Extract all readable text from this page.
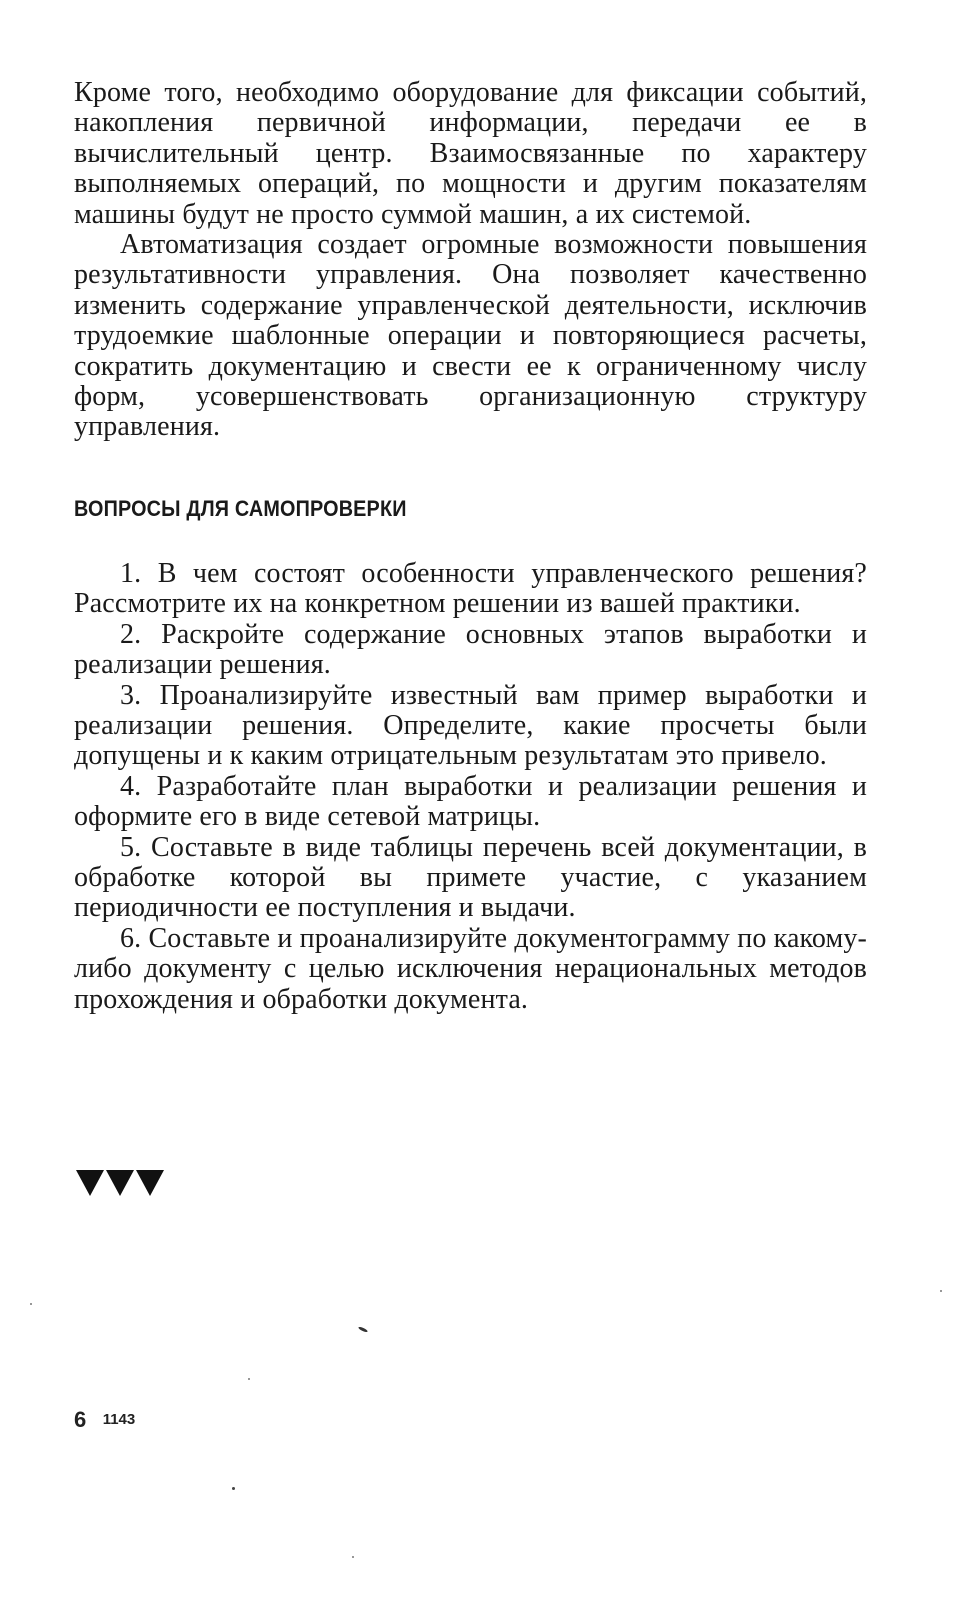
Кроме того, необходимо оборудование для фиксации событий, накопления первичной информации, передачи ее в вычислительный центр. Взаимосвязанные по характеру выполняемых операций, по мощности и другим показателям машины будут не просто суммой машин, а их системой.

Автоматизация создает огромные возможности повышения результативности управления. Она позволяет качественно изменить содержание управленческой деятельности, исключив трудоемкие шаблонные операции и повторяющиеся расчеты, сократить документацию и свести ее к ограниченному числу форм, усовершенствовать организационную структуру управления.

ВОПРОСЫ ДЛЯ САМОПРОВЕРКИ
1. В чем состоят особенности управленческого решения? Рассмотрите их на конкретном решении из вашей практики.
2. Раскройте содержание основных этапов выработки и реализации решения.
3. Проанализируйте известный вам пример выработки и реализации решения. Определите, какие просчеты были допущены и к каким отрицательным результатам это привело.
4. Разработайте план выработки и реализации решения и оформите его в виде сетевой матрицы.
5. Составьте в виде таблицы перечень всей документации, в обработке которой вы примете участие, с указанием периодичности ее поступления и выдачи.
6. Составьте и проанализируйте документограмму по какому-либо документу с целью исключения нерациональных методов прохождения и обработки документа.
6 1143
